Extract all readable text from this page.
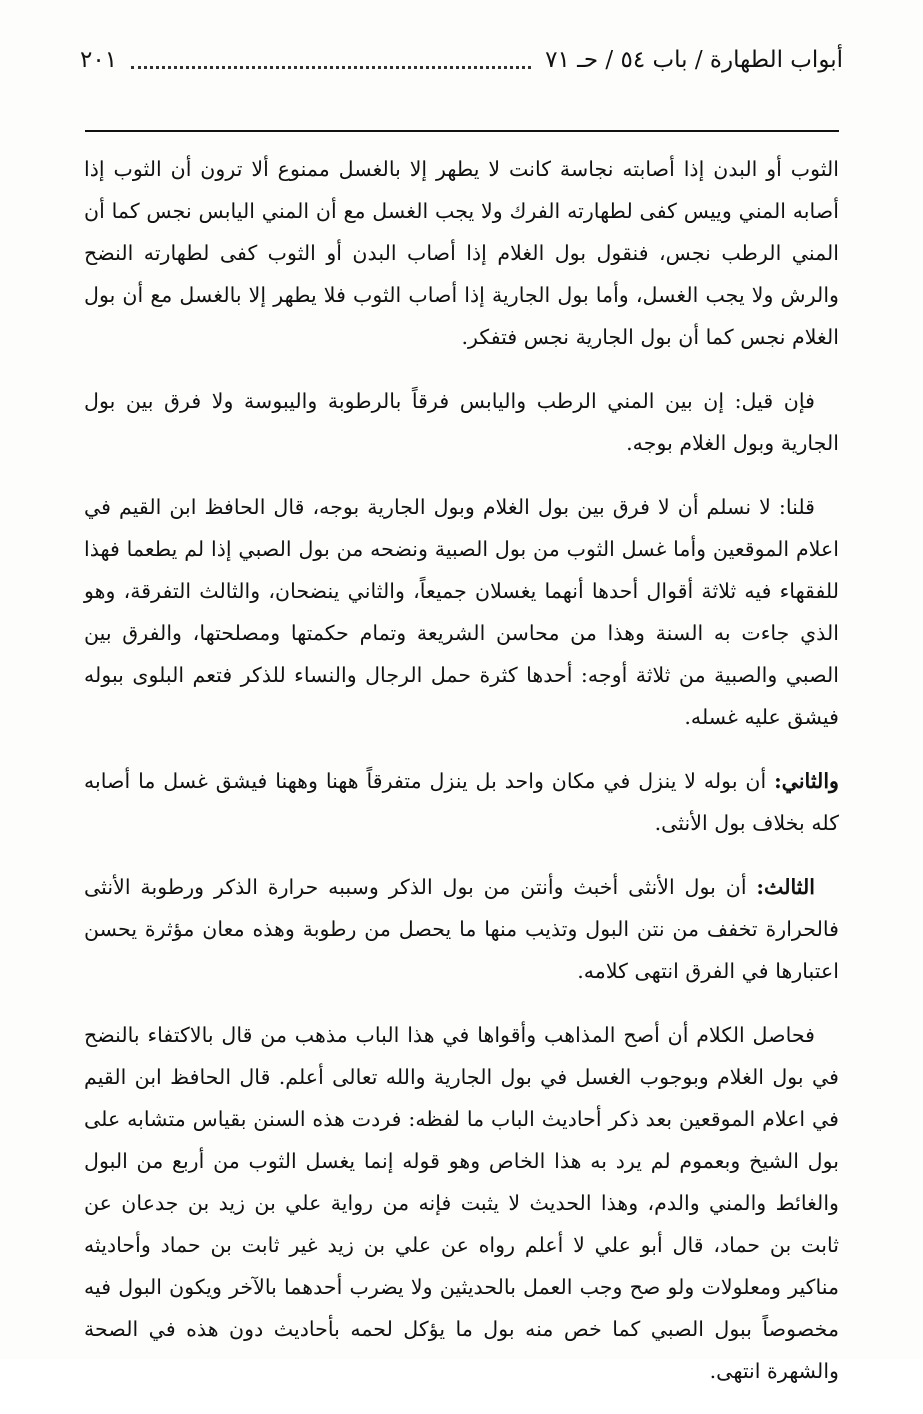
أبواب الطهارة / باب ٥٤ / حـ ٧١
٢٠١

الثوب أو البدن إذا أصابته نجاسة كانت لا يطهر إلا بالغسل ممنوع ألا ترون أن الثوب إذا أصابه المني وييس كفى لطهارته الفرك ولا يجب الغسل مع أن المني اليابس نجس كما أن المني الرطب نجس، فنقول بول الغلام إذا أصاب البدن أو الثوب كفى لطهارته النضح والرش ولا يجب الغسل، وأما بول الجارية إذا أصاب الثوب فلا يطهر إلا بالغسل مع أن بول الغلام نجس كما أن بول الجارية نجس فتفكر.

فإن قيل: إن بين المني الرطب واليابس فرقاً بالرطوبة واليبوسة ولا فرق بين بول الجارية وبول الغلام بوجه.

قلنا: لا نسلم أن لا فرق بين بول الغلام وبول الجارية بوجه، قال الحافظ ابن القيم في اعلام الموقعين وأما غسل الثوب من بول الصبية ونضحه من بول الصبي إذا لم يطعما فهذا للفقهاء فيه ثلاثة أقوال أحدها أنهما يغسلان جميعاً، والثاني ينضحان، والثالث التفرقة، وهو الذي جاءت به السنة وهذا من محاسن الشريعة وتمام حكمتها ومصلحتها، والفرق بين الصبي والصبية من ثلاثة أوجه: أحدها كثرة حمل الرجال والنساء للذكر فتعم البلوى ببوله فيشق عليه غسله.

والثاني: أن بوله لا ينزل في مكان واحد بل ينزل متفرقاً ههنا وههنا فيشق غسل ما أصابه كله بخلاف بول الأنثى.

الثالث: أن بول الأنثى أخبث وأنتن من بول الذكر وسببه حرارة الذكر ورطوبة الأنثى فالحرارة تخفف من نتن البول وتذيب منها ما يحصل من رطوبة وهذه معان مؤثرة يحسن اعتبارها في الفرق انتهى كلامه.

فحاصل الكلام أن أصح المذاهب وأقواها في هذا الباب مذهب من قال بالاكتفاء بالنضح في بول الغلام وبوجوب الغسل في بول الجارية والله تعالى أعلم. قال الحافظ ابن القيم في اعلام الموقعين بعد ذكر أحاديث الباب ما لفظه: فردت هذه السنن بقياس متشابه على بول الشيخ وبعموم لم يرد به هذا الخاص وهو قوله إنما يغسل الثوب من أربع من البول والغائط والمني والدم، وهذا الحديث لا يثبت فإنه من رواية علي بن زيد بن جدعان عن ثابت بن حماد، قال أبو علي لا أعلم رواه عن علي بن زيد غير ثابت بن حماد وأحاديثه مناكير ومعلولات ولو صح وجب العمل بالحديثين ولا يضرب أحدهما بالآخر ويكون البول فيه مخصوصاً ببول الصبي كما خص منه بول ما يؤكل لحمه بأحاديث دون هذه في الصحة والشهرة انتهى.
